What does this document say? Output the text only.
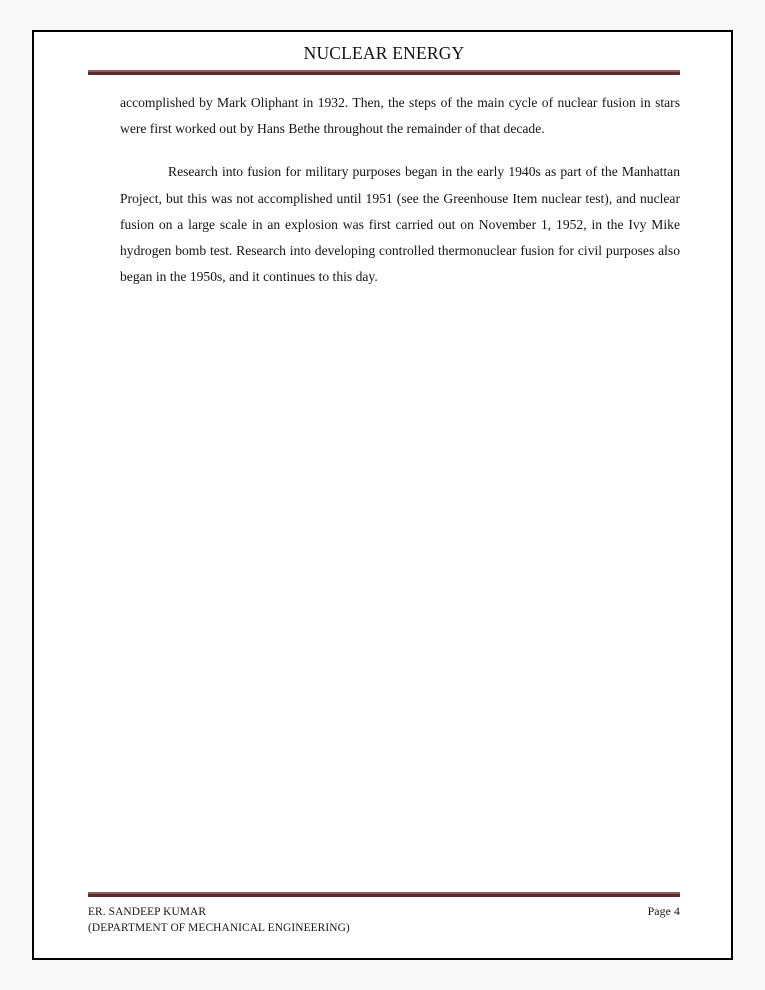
NUCLEAR ENERGY

accomplished by Mark Oliphant in 1932. Then, the steps of the main cycle of nuclear fusion in stars were first worked out by Hans Bethe throughout the remainder of that decade.

Research into fusion for military purposes began in the early 1940s as part of the Manhattan Project, but this was not accomplished until 1951 (see the Greenhouse Item nuclear test), and nuclear fusion on a large scale in an explosion was first carried out on November 1, 1952, in the Ivy Mike hydrogen bomb test. Research into developing controlled thermonuclear fusion for civil purposes also began in the 1950s, and it continues to this day.

ER. SANDEEP KUMAR
(DEPARTMENT OF MECHANICAL ENGINEERING)
Page 4
